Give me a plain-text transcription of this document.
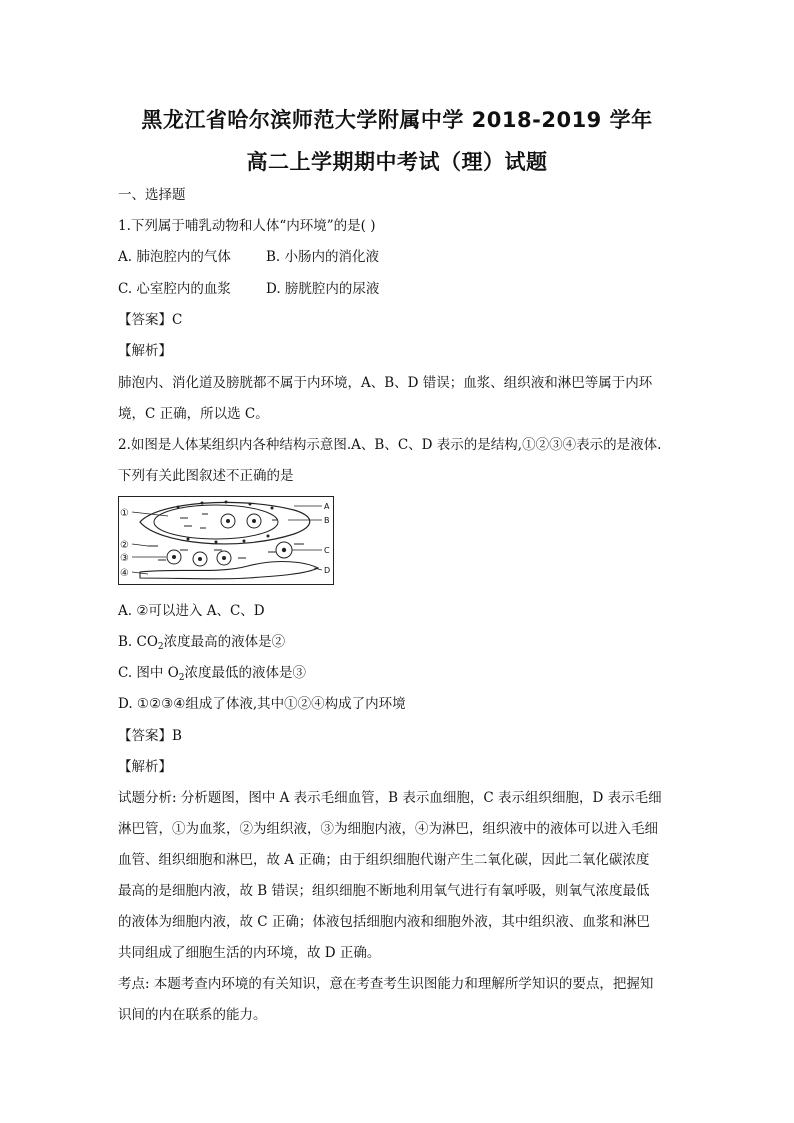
黑龙江省哈尔滨师范大学附属中学 2018-2019 学年
高二上学期期中考试（理）试题
一、选择题
1.下列属于哺乳动物和人体“内环境”的是( )
A. 肺泡腔内的气体	B. 小肠内的消化液
C. 心室腔内的血浆	D. 膀胱腔内的尿液
【答案】C
【解析】
肺泡内、消化道及膀胱都不属于内环境，A、B、D 错误；血浆、组织液和淋巴等属于内环
境，C 正确，所以选 C。
2.如图是人体某组织内各种结构示意图.A、B、C、D 表示的是结构,①②③④表示的是液体.
下列有关此图叙述不正确的是
①
②
③
④
A
B
C
D
A. ②可以进入 A、C、D
B. $CO_2$浓度最高的液体是②
C. 图中 $O_2$浓度最低的液体是③
D. ①②③④组成了体液,其中①②④构成了内环境
【答案】B
【解析】
试题分析: 分析题图，图中 A 表示毛细血管，B 表示血细胞，C 表示组织细胞，D 表示毛细
淋巴管，①为血浆，②为组织液，③为细胞内液，④为淋巴，组织液中的液体可以进入毛细
血管、组织细胞和淋巴，故 A 正确；由于组织细胞代谢产生二氧化碳，因此二氧化碳浓度
最高的是细胞内液，故 B 错误；组织细胞不断地利用氧气进行有氧呼吸，则氧气浓度最低
的液体为细胞内液，故 C 正确；体液包括细胞内液和细胞外液，其中组织液、血浆和淋巴
共同组成了细胞生活的内环境，故 D 正确。
考点: 本题考查内环境的有关知识，意在考查考生识图能力和理解所学知识的要点，把握知
识间的内在联系的能力。
